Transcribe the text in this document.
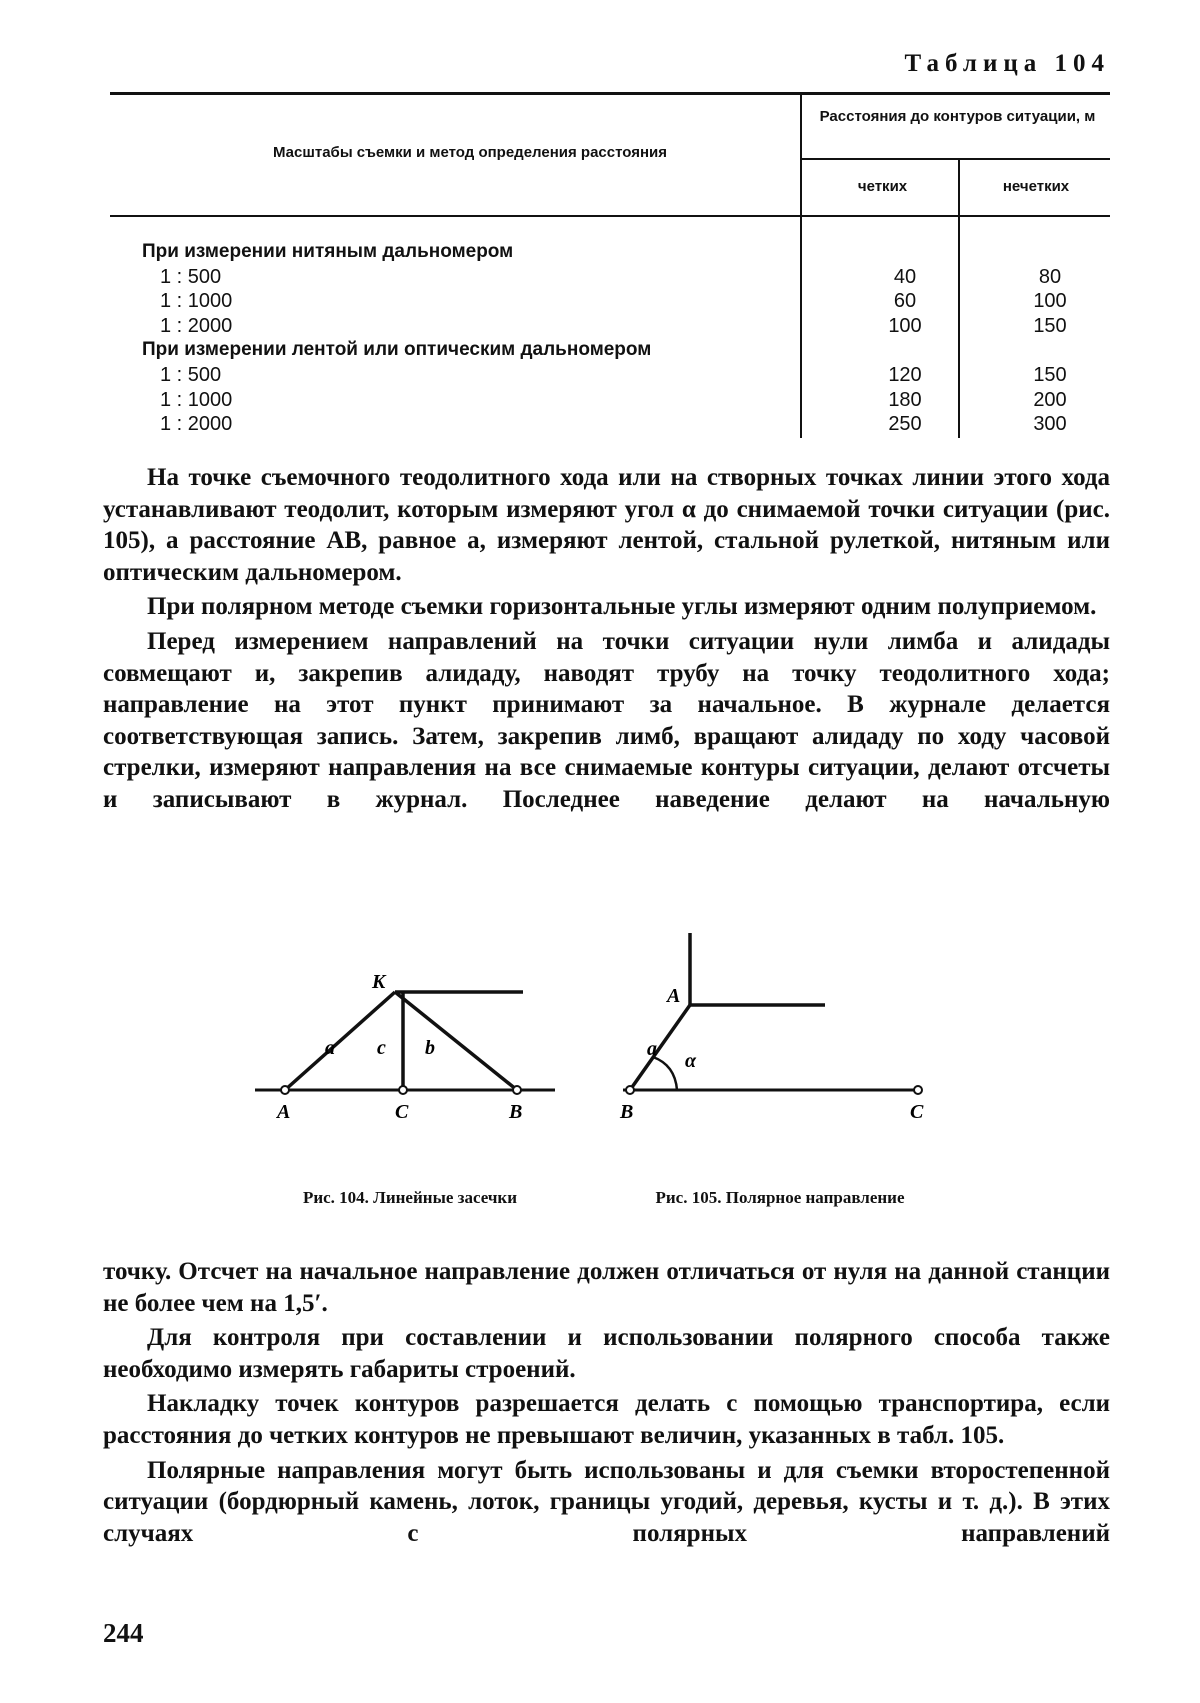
Таблица 104
Масштабы съемки и метод определения расстояния
Расстояния до контуров ситуации, м
четких	нечетких
При измерении нитяным дальномером
1 : 500	40	80
1 : 1000	60	100
1 : 2000	100	150
При измерении лентой или оптическим дальномером
1 : 500	120	150
1 : 1000	180	200
1 : 2000	250	300

На точке съемочного теодолитного хода или на створных точках линии этого хода устанавливают теодолит, которым измеряют угол α до снимаемой точки ситуации (рис. 105), а расстояние AB, равное a, измеряют лентой, стальной рулеткой, нитяным или оптическим дальномером.

При полярном методе съемки горизонтальные углы измеряют одним полуприемом.

Перед измерением направлений на точки ситуации нули лимба и алидады совмещают и, закрепив алидаду, наводят трубу на точку теодолитного хода; направление на этот пункт принимают за начальное. В журнале делается соответствующая запись. Затем, закрепив лимб, вращают алидаду по ходу часовой стрелки, измеряют направления на все снимаемые контуры ситуации, делают отсчеты и записывают в журнал. Последнее наведение делают на начальную

K
A	C	B
a c b
Рис. 104. Линейные засечки
A
B	C
a
α
Рис. 105. Полярное направление

точку. Отсчет на начальное направление должен отличаться от нуля на данной станции не более чем на 1,5′.

Для контроля при составлении и использовании полярного способа также необходимо измерять габариты строений.

Накладку точек контуров разрешается делать с помощью транспортира, если расстояния до четких контуров не превышают величин, указанных в табл. 105.

Полярные направления могут быть использованы и для съемки второстепенной ситуации (бордюрный камень, лоток, границы угодий, деревья, кусты и т. д.). В этих случаях с полярных направлений

244
